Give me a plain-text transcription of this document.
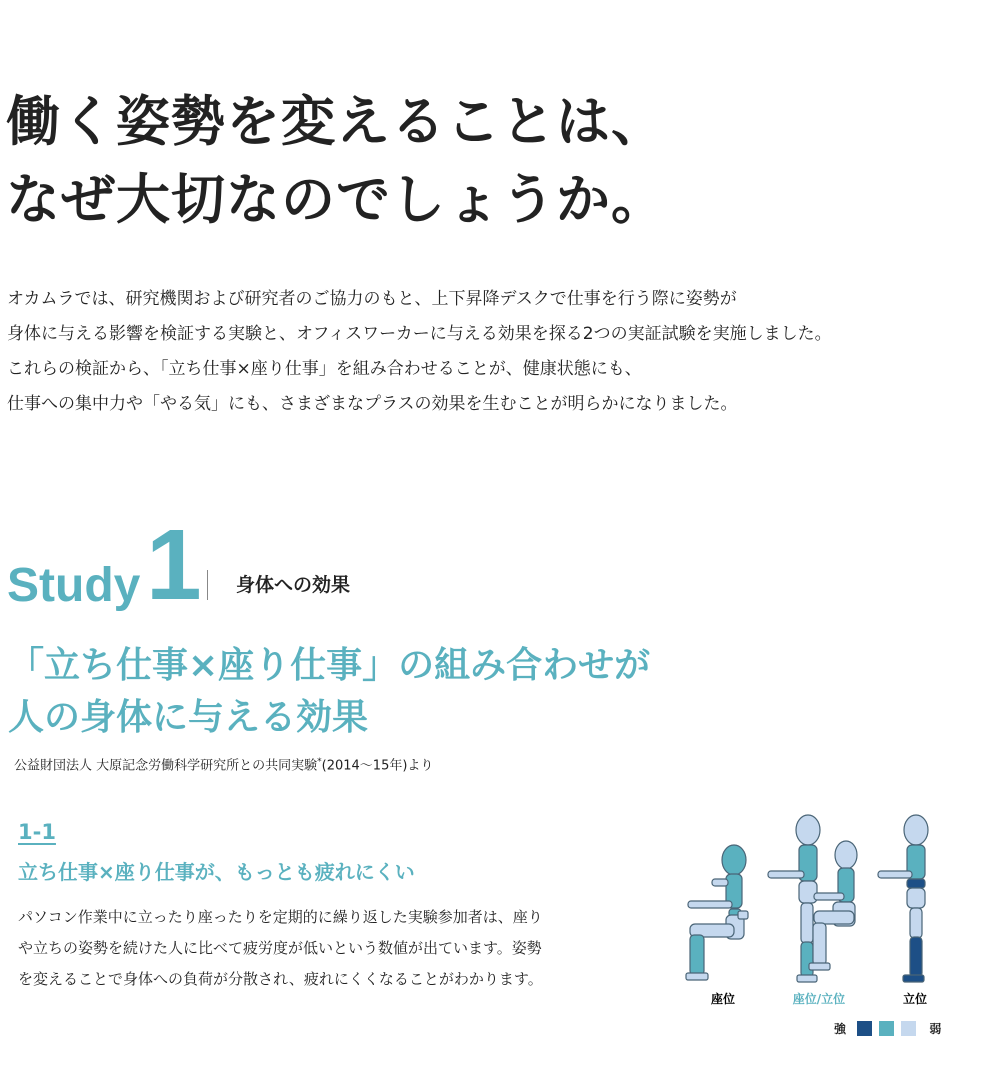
働く姿勢を変えることは、
なぜ大切なのでしょうか。

オカムラでは、研究機関および研究者のご協力のもと、上下昇降デスクで仕事を行う際に姿勢が

身体に与える影響を検証する実験と、オフィスワーカーに与える効果を探る2つの実証試験を実施しました。

これらの検証から、「立ち仕事×座り仕事」を組み合わせることが、健康状態にも、

仕事への集中力や「やる気」にも、さまざまなプラスの効果を生むことが明らかになりました。

Study 1 身体への効果
「立ち仕事×座り仕事」の組み合わせが
人の身体に与える効果
公益財団法人 大原記念労働科学研究所との共同実験*(2014〜15年)より
1-1
立ち仕事×座り仕事が、もっとも疲れにくい

パソコン作業中に立ったり座ったりを定期的に繰り返した実験参加者は、座り

や立ちの姿勢を続けた人に比べて疲労度が低いという数値が出ています。姿勢

を変えることで身体への負荷が分散され、疲れにくくなることがわかります。

座位	座位/立位	立位
強	弱
